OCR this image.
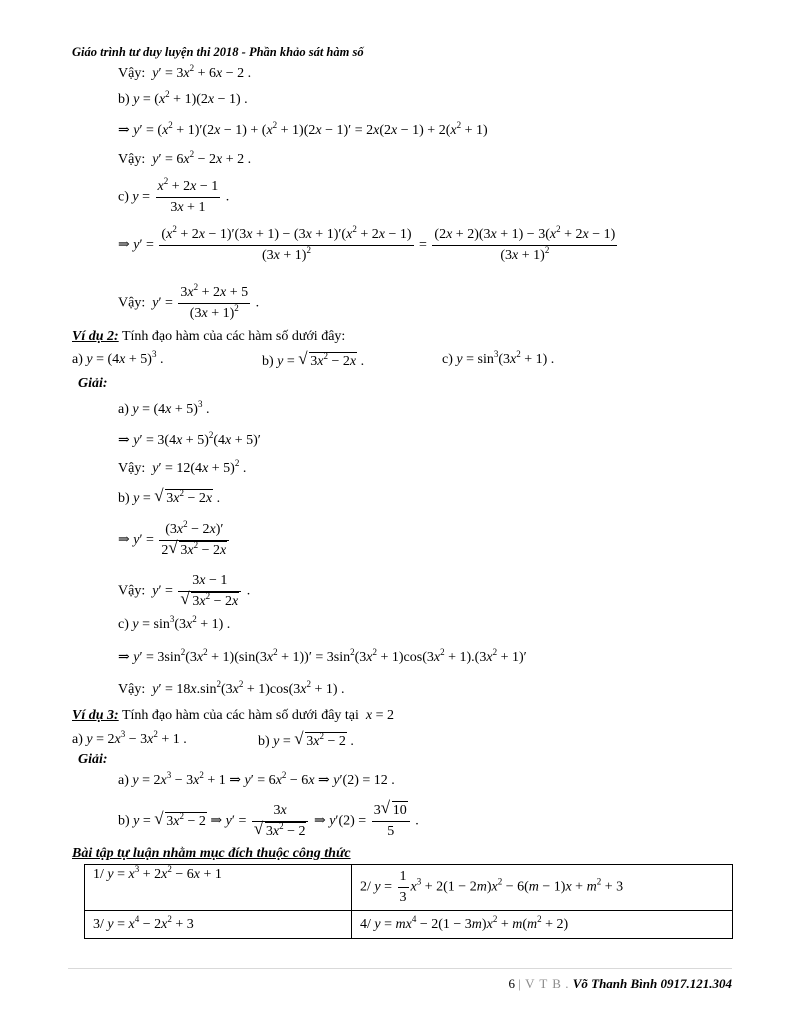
Giáo trình tư duy luyện thi 2018 - Phần khảo sát hàm số
Vậy: $y' = 3x^2 + 6x - 2$ .
b) $y = (x^2 + 1)(2x - 1)$ .
⇒ $y' = (x^2 + 1)'(2x - 1) + (x^2 + 1)(2x - 1)' = 2x(2x - 1) + 2(x^2 + 1)$
Vậy: $y' = 6x^2 - 2x + 2$ .
c) $y = \frac{x^2 + 2x - 1}{3x + 1}$ .
⇒ $y' = \frac{(x^2 + 2x - 1)'(3x + 1) - (3x + 1)'(x^2 + 2x - 1)}{(3x + 1)^2} = \frac{(2x + 2)(3x + 1) - 3(x^2 + 2x - 1)}{(3x + 1)^2}$
Vậy: $y' = \frac{3x^2 + 2x + 5}{(3x + 1)^2}$ .
Ví dụ 2: Tính đạo hàm của các hàm số dưới đây:
a) $y = (4x + 5)^3$ .	b) y = √ $3x^2 - 2x$ .	c) $y = \sin^3(3x^2 + 1)$ .
Giải:
a) $y = (4x + 5)^3$ .
⇒ $y' = 3(4x + 5)^2(4x + 5)'$
Vậy: $y' = 12(4x + 5)^2$ .
b) y = √ $3x^2 - 2x$ .
⇒ $y' = \frac{(3x^2 - 2x)'}{2 √ 3x^2 - 2x}$
Vậy: y′ = 3x − 1
√ $3x^2 - 2x$ .
c) $y = \sin^3(3x^2 + 1)$ .
⇒ $y' = 3\sin^2(3x^2 + 1)(\sin(3x^2 + 1))' = 3\sin^2(3x^2 + 1)\cos(3x^2 + 1).(3x^2 + 1)'$
Vậy: $y' = 18x.\sin^2(3x^2 + 1)\cos(3x^2 + 1)$ .
Ví dụ 3: Tính đạo hàm của các hàm số dưới đây tại x = 2
a) $y = 2x^3 - 3x^2 + 1$ .	b) y = √ $3x^2 - 2$ .
Giải:
a) $y = 2x^3 - 3x^2 + 1$ ⇒ $y' = 6x^2 - 6x$ ⇒ y′(2) = 12 .
b) y = √ $3x^2 - 2$ ⇒ y′ = 3x
√ $3x^2 - 2$ ⇒ $y'(2) = \frac{3 √ 10}{5}$ .
Bài tập tự luận nhằm mục đích thuộc công thức
1/ $y = x^3 + 2x^2 - 6x + 1$	2/ $y = \frac{1}{3} x^3 + 2(1 - 2m)x^2 - 6(m - 1)x + m^2 + 3$
3/ $y = x^4 - 2x^2 + 3$	4/ $y = mx^4 - 2(1 - 3m)x^2 + m(m^2 + 2)$
6 | V T B . Võ Thanh Bình 0917.121.304
